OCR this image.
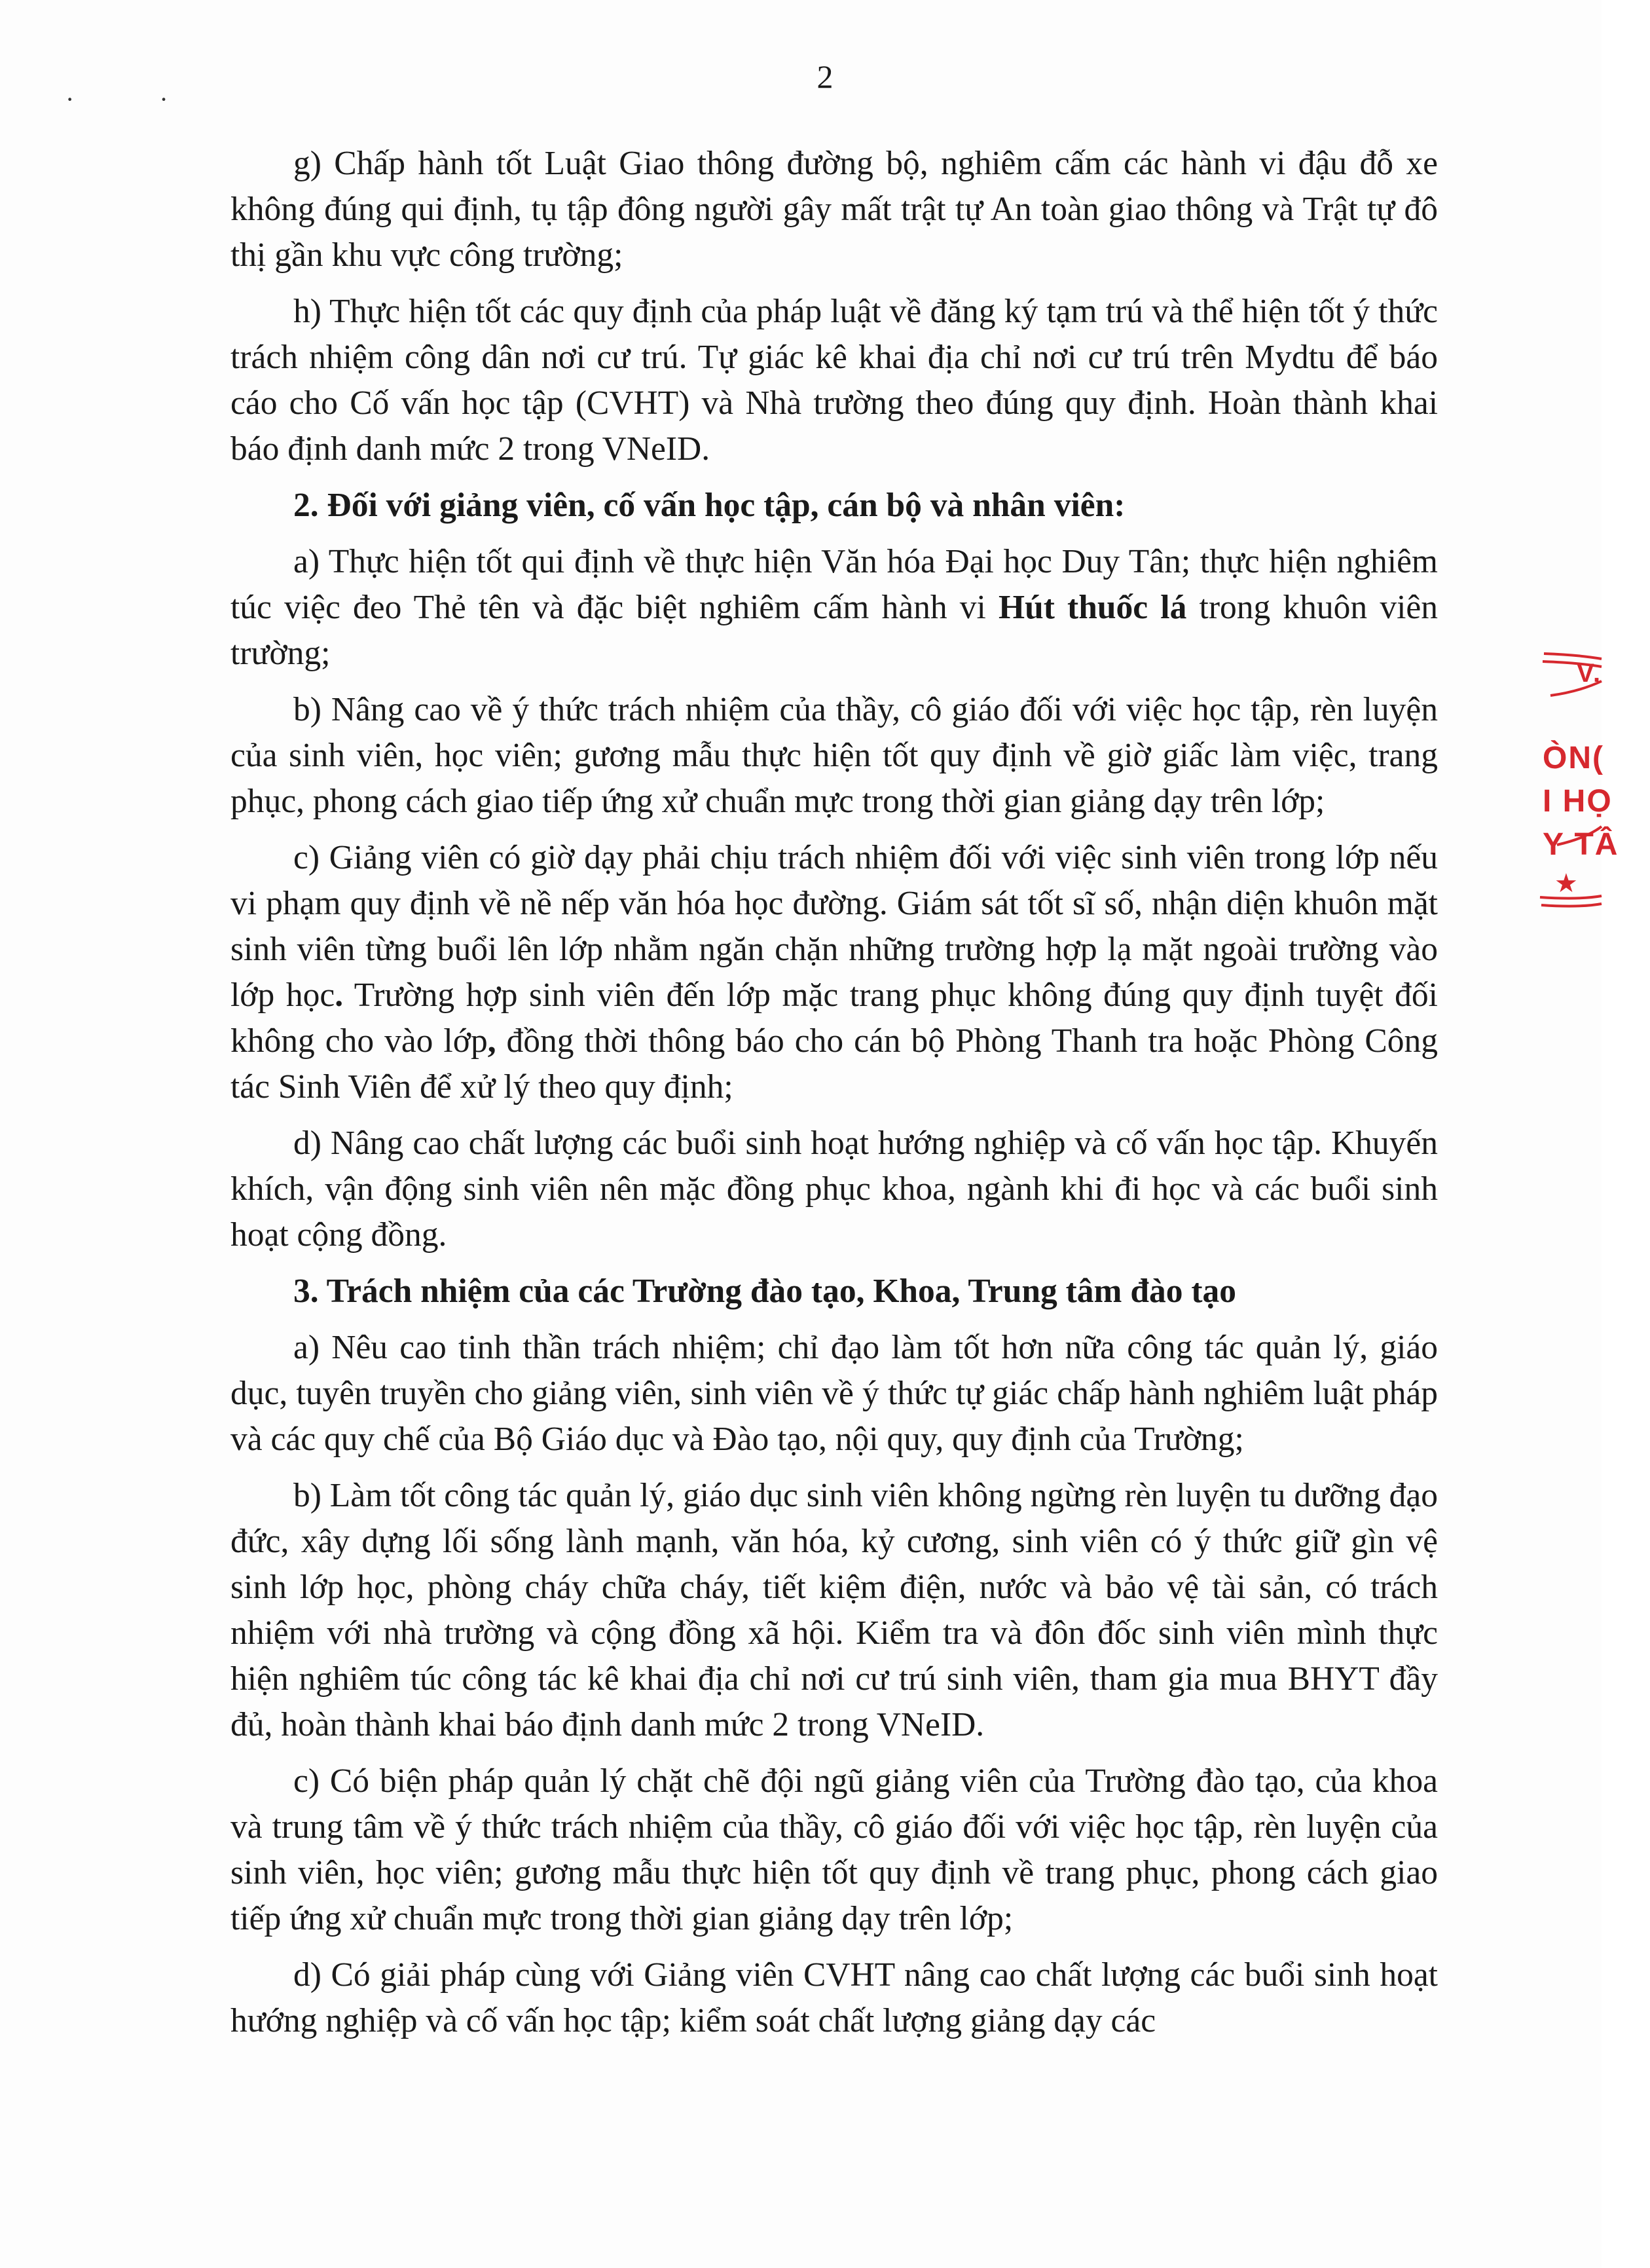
· ·
2

g) Chấp hành tốt Luật Giao thông đường bộ, nghiêm cấm các hành vi đậu đỗ xe không đúng qui định, tụ tập đông người gây mất trật tự An toàn giao thông và Trật tự đô thị gần khu vực công trường;

h) Thực hiện tốt các quy định của pháp luật về đăng ký tạm trú và thể hiện tốt ý thức trách nhiệm công dân nơi cư trú. Tự giác kê khai địa chỉ nơi cư trú trên Mydtu để báo cáo cho Cố vấn học tập (CVHT) và Nhà trường theo đúng quy định. Hoàn thành khai báo định danh mức 2 trong VNeID.

2. Đối với giảng viên, cố vấn học tập, cán bộ và nhân viên:

a) Thực hiện tốt qui định về thực hiện Văn hóa Đại học Duy Tân; thực hiện nghiêm túc việc đeo Thẻ tên và đặc biệt nghiêm cấm hành vi Hút thuốc lá trong khuôn viên trường;

b) Nâng cao về ý thức trách nhiệm của thầy, cô giáo đối với việc học tập, rèn luyện của sinh viên, học viên; gương mẫu thực hiện tốt quy định về giờ giấc làm việc, trang phục, phong cách giao tiếp ứng xử chuẩn mực trong thời gian giảng dạy trên lớp;

c) Giảng viên có giờ dạy phải chịu trách nhiệm đối với việc sinh viên trong lớp nếu vi phạm quy định về nề nếp văn hóa học đường. Giám sát tốt sĩ số, nhận diện khuôn mặt sinh viên từng buổi lên lớp nhằm ngăn chặn những trường hợp lạ mặt ngoài trường vào lớp học. Trường hợp sinh viên đến lớp mặc trang phục không đúng quy định tuyệt đối không cho vào lớp, đồng thời thông báo cho cán bộ Phòng Thanh tra hoặc Phòng Công tác Sinh Viên để xử lý theo quy định;

d) Nâng cao chất lượng các buổi sinh hoạt hướng nghiệp và cố vấn học tập. Khuyến khích, vận động sinh viên nên mặc đồng phục khoa, ngành khi đi học và các buổi sinh hoạt cộng đồng.

3. Trách nhiệm của các Trường đào tạo, Khoa, Trung tâm đào tạo

a) Nêu cao tinh thần trách nhiệm; chỉ đạo làm tốt hơn nữa công tác quản lý, giáo dục, tuyên truyền cho giảng viên, sinh viên về ý thức tự giác chấp hành nghiêm luật pháp và các quy chế của Bộ Giáo dục và Đào tạo, nội quy, quy định của Trường;

b) Làm tốt công tác quản lý, giáo dục sinh viên không ngừng rèn luyện tu dưỡng đạo đức, xây dựng lối sống lành mạnh, văn hóa, kỷ cương, sinh viên có ý thức giữ gìn vệ sinh lớp học, phòng cháy chữa cháy, tiết kiệm điện, nước và bảo vệ tài sản, có trách nhiệm với nhà trường và cộng đồng xã hội. Kiểm tra và đôn đốc sinh viên mình thực hiện nghiêm túc công tác kê khai địa chỉ nơi cư trú sinh viên, tham gia mua BHYT đầy đủ, hoàn thành khai báo định danh mức 2 trong VNeID.

c) Có biện pháp quản lý chặt chẽ đội ngũ giảng viên của Trường đào tạo, của khoa và trung tâm về ý thức trách nhiệm của thầy, cô giáo đối với việc học tập, rèn luyện của sinh viên, học viên; gương mẫu thực hiện tốt quy định về trang phục, phong cách giao tiếp ứng xử chuẩn mực trong thời gian giảng dạy trên lớp;

d) Có giải pháp cùng với Giảng viên CVHT nâng cao chất lượng các buổi sinh hoạt hướng nghiệp và cố vấn học tập; kiểm soát chất lượng giảng dạy các

V.
ÒN(
I HỌ
Y TÂ
★
